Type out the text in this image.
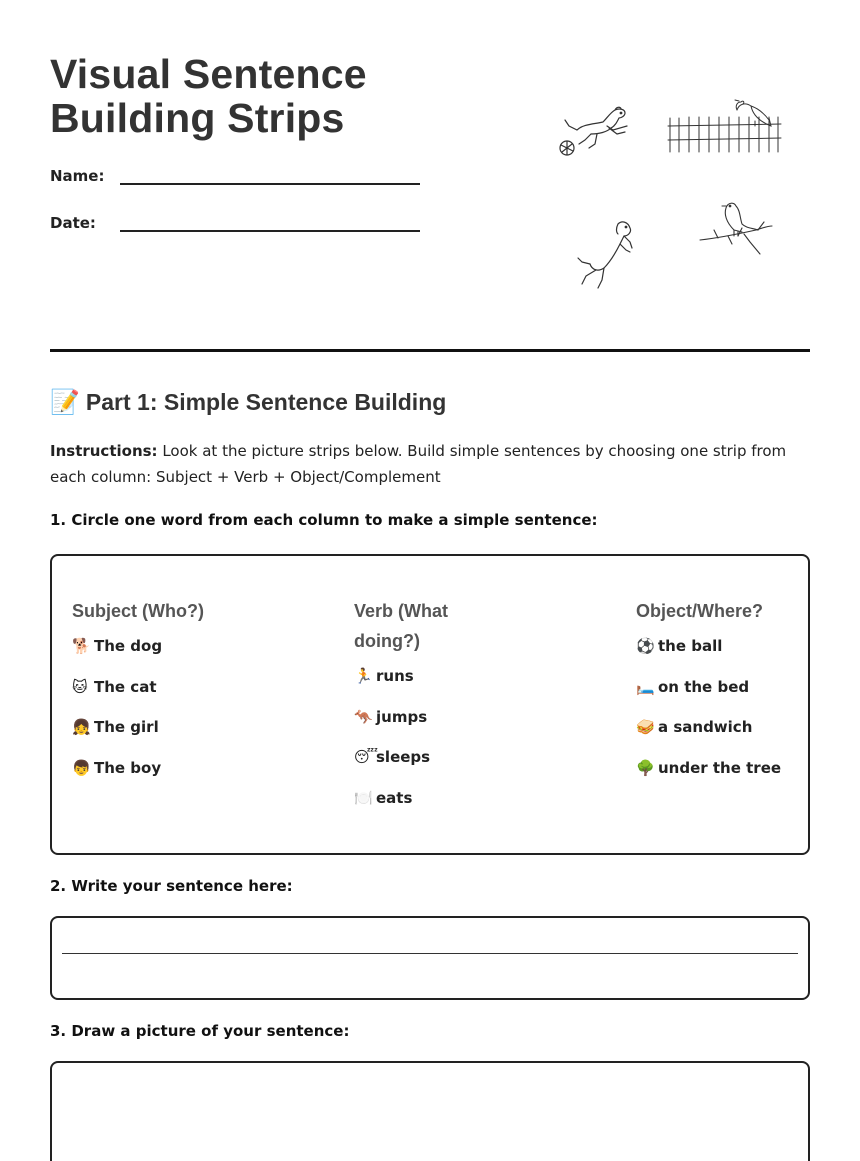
Visual Sentence Building Strips
Name:
Date:
📝 Part 1: Simple Sentence Building
Instructions: Look at the picture strips below. Build simple sentences by choosing one strip from each column: Subject + Verb + Object/Complement
1. Circle one word from each column to make a simple sentence:
Subject (Who?)
🐕 The dog
🐱 The cat
👧 The girl
👦 The boy
Verb (What doing?)
🏃 runs
🦘 jumps
😴sleeps
🍽️ eats
Object/Where?
⚽ the ball
🛏️ on the bed
🥪 a sandwich
🌳 under the tree
2. Write your sentence here:
3. Draw a picture of your sentence:
